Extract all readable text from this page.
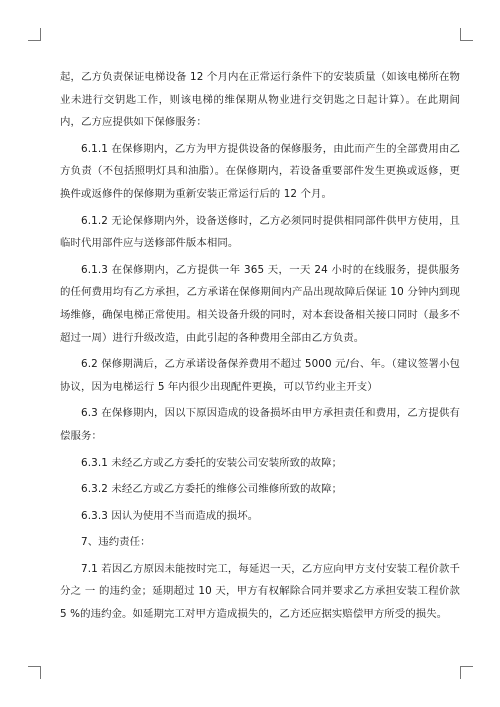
起，乙方负责保证电梯设备 12 个月内在正常运行条件下的安装质量（如该电梯所在物业未进行交钥匙工作，则该电梯的维保期从物业进行交钥匙之日起计算）。在此期间内，乙方应提供如下保修服务：

6.1.1 在保修期内，乙方为甲方提供设备的保修服务，由此而产生的全部费用由乙方负责（不包括照明灯具和油脂）。在保修期内，若设备重要部件发生更换或返修，更换件或返修件的保修期为重新安装正常运行后的 12 个月。

6.1.2 无论保修期内外，设备送修时，乙方必须同时提供相同部件供甲方使用，且临时代用部件应与送修部件版本相同。

6.1.3 在保修期内，乙方提供一年 365 天，一天 24 小时的在线服务，提供服务的任何费用均有乙方承担，乙方承诺在保修期间内产品出现故障后保证 10 分钟内到现场维修，确保电梯正常使用。相关设备升级的同时，对本套设备相关接口同时（最多不超过一周）进行升级改造，由此引起的各种费用全部由乙方负责。

6.2 保修期满后，乙方承诺设备保养费用不超过 5000 元/台、年。（建议签署小包协议，因为电梯运行 5 年内很少出现配件更换，可以节约业主开支）

6.3 在保修期内，因以下原因造成的设备损坏由甲方承担责任和费用，乙方提供有偿服务：

6.3.1 未经乙方或乙方委托的安装公司安装所致的故障；

6.3.2 未经乙方或乙方委托的维修公司维修所致的故障；

6.3.3 因认为使用不当而造成的损坏。

7、违约责任：

7.1 若因乙方原因未能按时完工，每延迟一天，乙方应向甲方支付安装工程价款千分之 一 的违约金；延期超过 10 天，甲方有权解除合同并要求乙方承担安装工程价款 5 %的违约金。如延期完工对甲方造成损失的，乙方还应据实赔偿甲方所受的损失。
